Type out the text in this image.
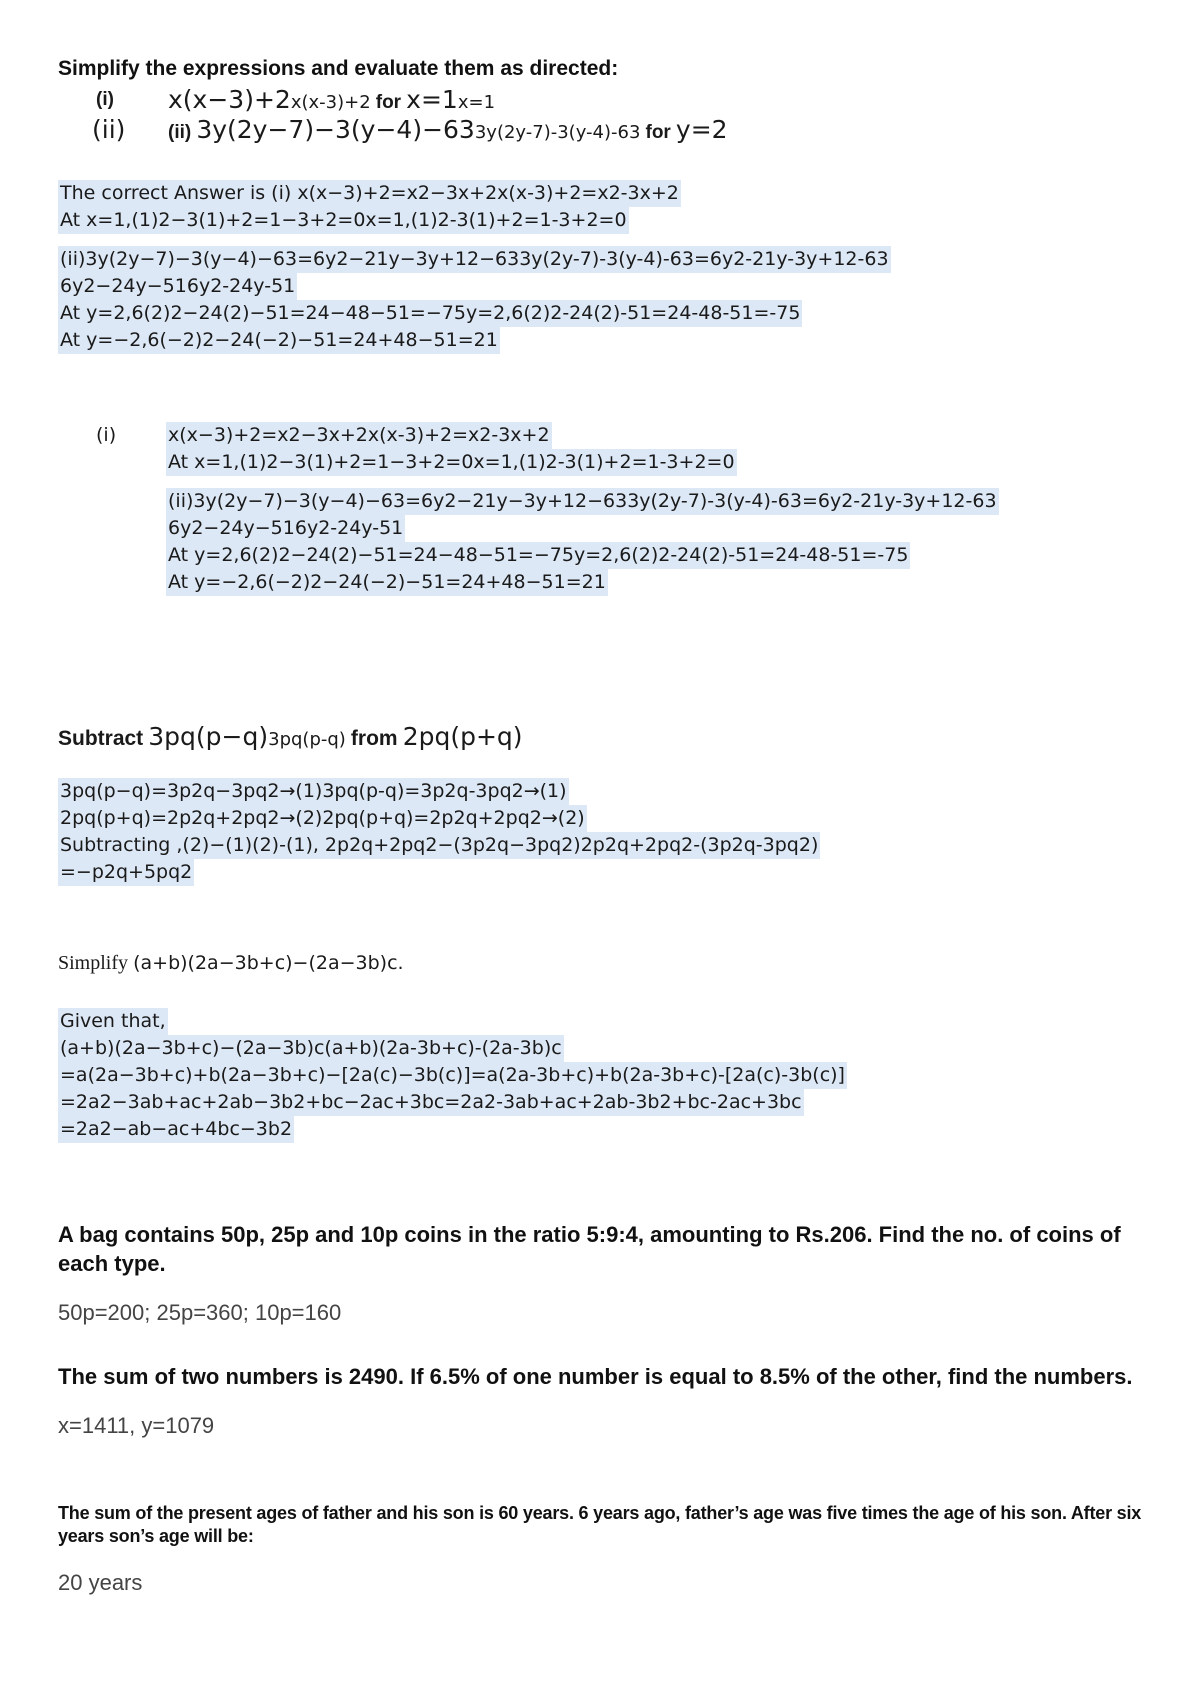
Simplify the expressions and evaluate them as directed:
(i) x(x−3)+2x(x-3)+2 for x=1x=1
(ii) (ii) 3y(2y−7)−3(y−4)−633y(2y-7)-3(y-4)-63 for y=2
The correct Answer is (i) x(x−3)+2=x2−3x+2x(x-3)+2=x2-3x+2
At x=1,(1)2−3(1)+2=1−3+2=0x=1,(1)2-3(1)+2=1-3+2=0
(ii)3y(2y−7)−3(y−4)−63=6y2−21y−3y+12−633y(2y-7)-3(y-4)-63=6y2-21y-3y+12-63
6y2−24y−516y2-24y-51
At y=2,6(2)2−24(2)−51=24−48−51=−75y=2,6(2)2-24(2)-51=24-48-51=-75
At y=−2,6(−2)2−24(−2)−51=24+48−51=21
(i)	x(x−3)+2=x2−3x+2x(x-3)+2=x2-3x+2
At x=1,(1)2−3(1)+2=1−3+2=0x=1,(1)2-3(1)+2=1-3+2=0
(ii)3y(2y−7)−3(y−4)−63=6y2−21y−3y+12−633y(2y-7)-3(y-4)-63=6y2-21y-3y+12-63
6y2−24y−516y2-24y-51
At y=2,6(2)2−24(2)−51=24−48−51=−75y=2,6(2)2-24(2)-51=24-48-51=-75
At y=−2,6(−2)2−24(−2)−51=24+48−51=21
Subtract 3pq(p−q)3pq(p-q) from 2pq(p+q)
3pq(p−q)=3p2q−3pq2→(1)3pq(p-q)=3p2q-3pq2→(1)
2pq(p+q)=2p2q+2pq2→(2)2pq(p+q)=2p2q+2pq2→(2)
Subtracting ,(2)−(1)(2)-(1), 2p2q+2pq2−(3p2q−3pq2)2p2q+2pq2-(3p2q-3pq2)
=−p2q+5pq2
Simplify (a+b)(2a−3b+c)−(2a−3b)c.
Given that,
(a+b)(2a−3b+c)−(2a−3b)c(a+b)(2a-3b+c)-(2a-3b)c
=a(2a−3b+c)+b(2a−3b+c)−[2a(c)−3b(c)]=a(2a-3b+c)+b(2a-3b+c)-[2a(c)-3b(c)]
=2a2−3ab+ac+2ab−3b2+bc−2ac+3bc=2a2-3ab+ac+2ab-3b2+bc-2ac+3bc
=2a2−ab−ac+4bc−3b2
A bag contains 50p, 25p and 10p coins in the ratio 5:9:4, amounting to Rs.206. Find the no. of coins of each type.
50p=200; 25p=360; 10p=160
The sum of two numbers is 2490. If 6.5% of one number is equal to 8.5% of the other, find the numbers.
x=1411, y=1079
The sum of the present ages of father and his son is 60 years. 6 years ago, father’s age was five times the age of his son. After six years son’s age will be:
20 years
